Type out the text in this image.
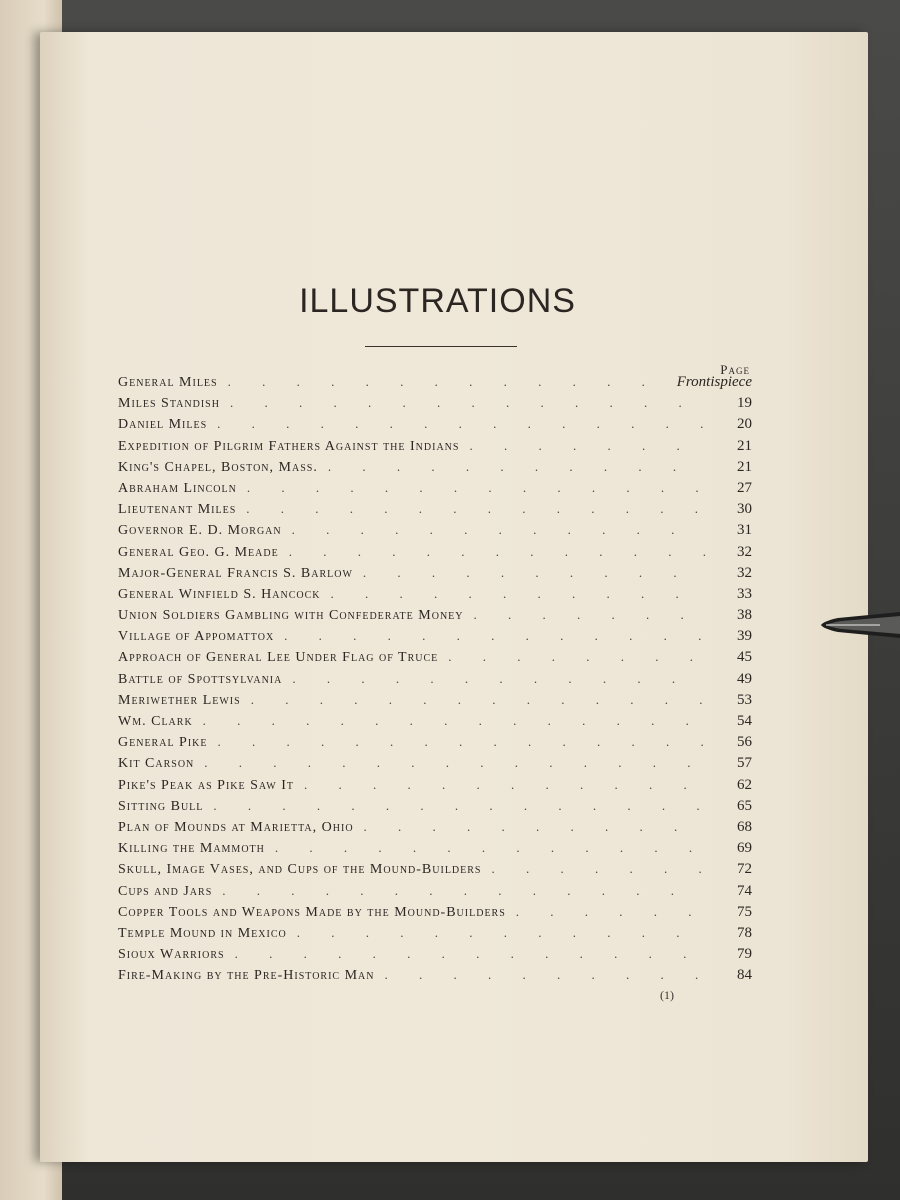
ILLUSTRATIONS
Page
General Miles . . .	Frontispiece
Miles Standish . . .	19
Daniel Miles . . .	20
Expedition of Pilgrim Fathers Against the Indians . . .	21
King's Chapel, Boston, Mass. . . .	21
Abraham Lincoln . . .	27
Lieutenant Miles . . .	30
Governor E. D. Morgan . . .	31
General Geo. G. Meade . . .	32
Major-General Francis S. Barlow . . .	32
General Winfield S. Hancock . . .	33
Union Soldiers Gambling with Confederate Money . . .	38
Village of Appomattox . . .	39
Approach of General Lee Under Flag of Truce . . .	45
Battle of Spottsylvania . . .	49
Meriwether Lewis . . .	53
Wm. Clark . . .	54
General Pike . . .	56
Kit Carson . . .	57
Pike's Peak as Pike Saw It . . .	62
Sitting Bull . . .	65
Plan of Mounds at Marietta, Ohio . . .	68
Killing the Mammoth . . .	69
Skull, Image Vases, and Cups of the Mound-Builders . . .	72
Cups and Jars . . .	74
Copper Tools and Weapons Made by the Mound-Builders . . .	75
Temple Mound in Mexico . . .	78
Sioux Warriors . . .	79
Fire-Making by the Pre-Historic Man . . .	84
(1)
